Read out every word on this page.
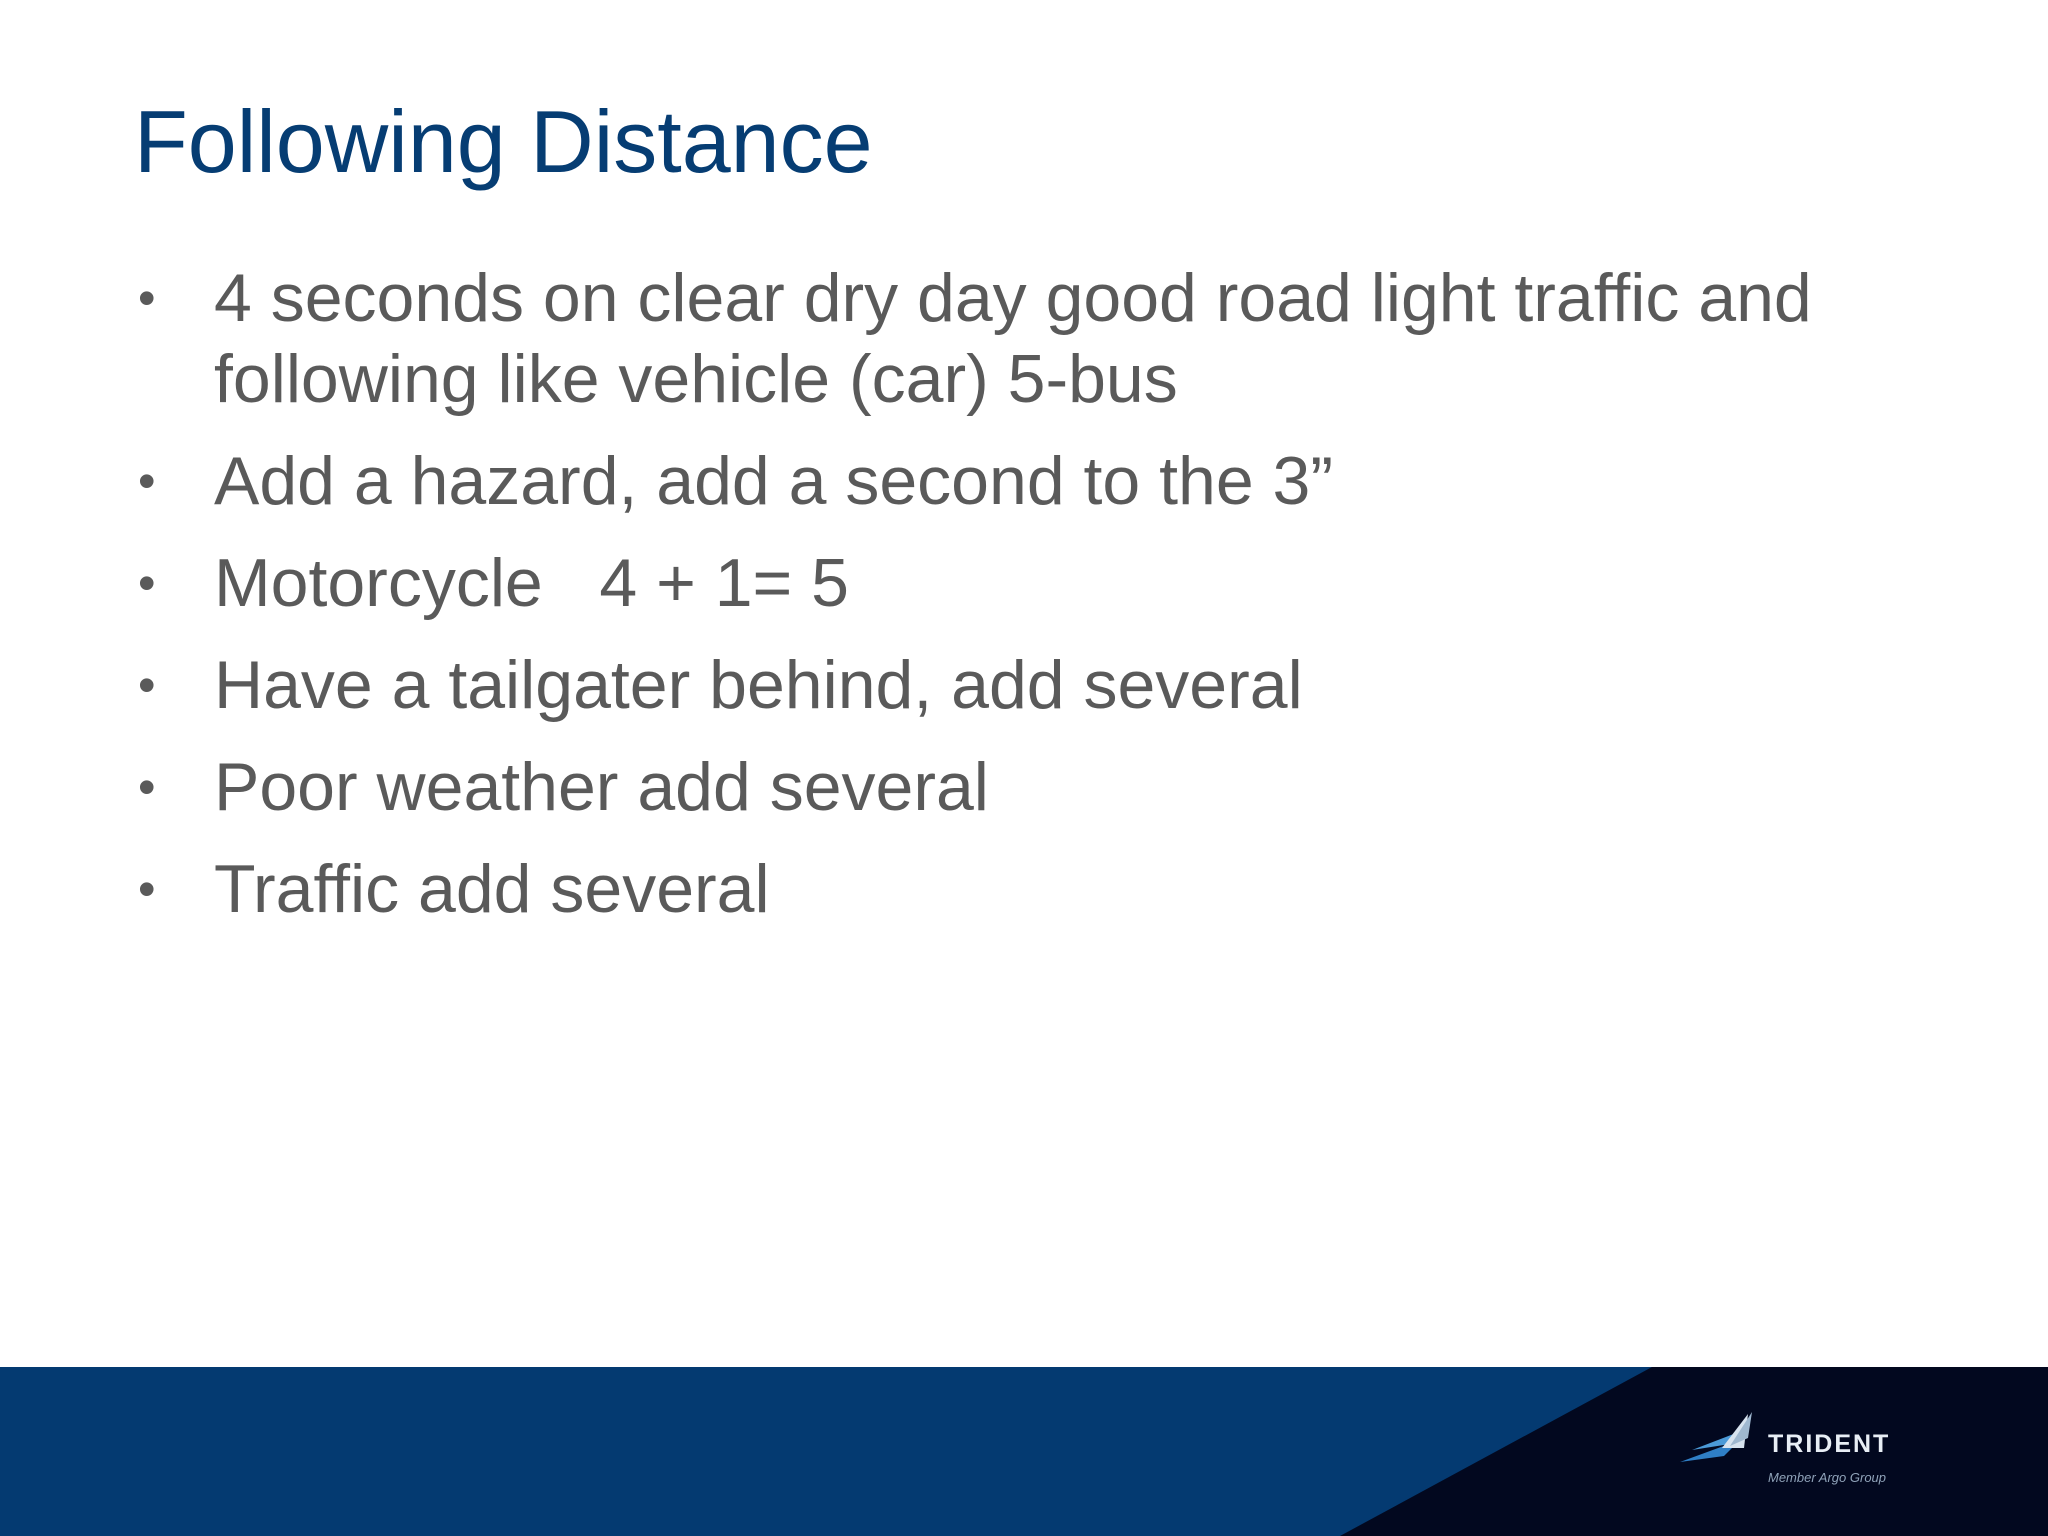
Following Distance
• 4 seconds on clear dry day good road light traffic and following like vehicle (car) 5-bus
• Add a hazard, add a second to the 3”
• Motorcycle   4 + 1= 5
• Have a tailgater behind, add several
• Poor weather add several
• Traffic add several
TRIDENT
Member Argo Group
